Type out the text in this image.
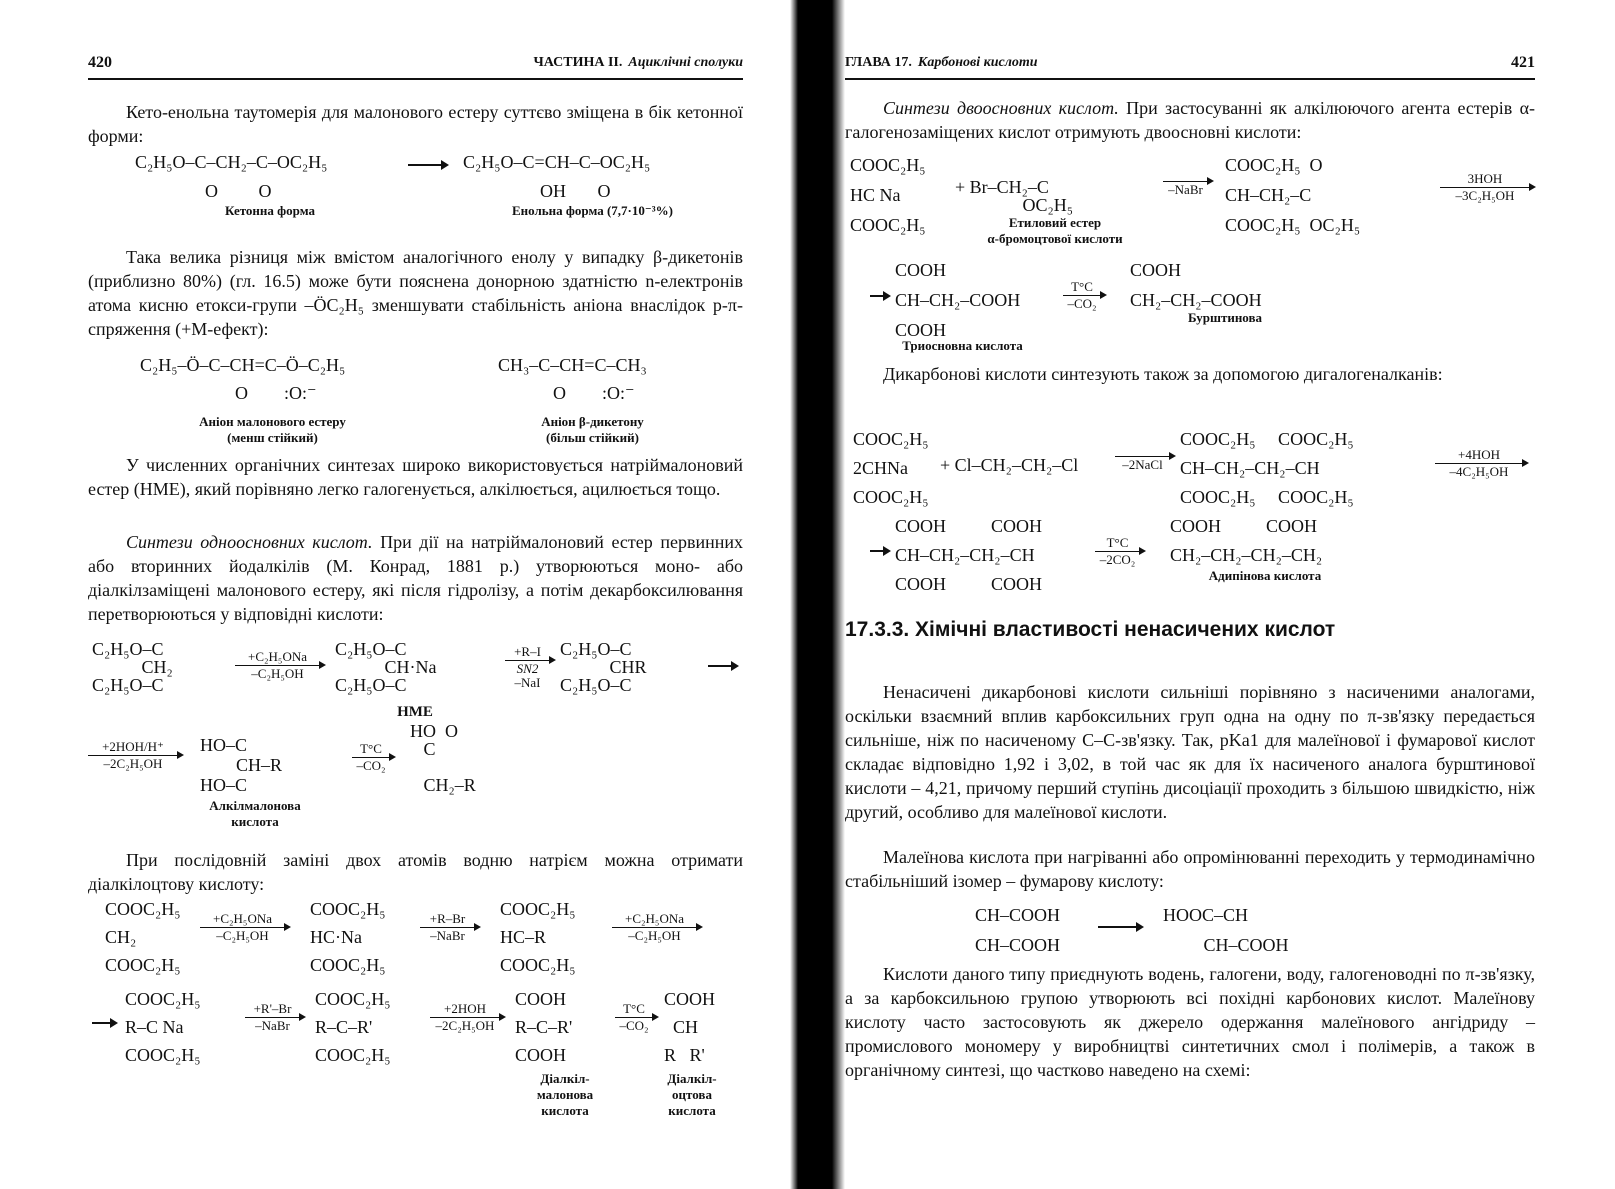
420	ЧАСТИНА II. Ациклічні сполуки
Кето-енольна таутомерія для малонового естеру суттєво зміщена в бік кетонної форми:
C₂H₅O–C–CH₂–C–OC₂H₅
O         O
Кетонна форма
→ C₂H₅O–C=CH–C–OC₂H₅
OH       O
Енольна форма (7,7·10⁻³%)
Така велика різниця між вмістом аналогічного енолу у випадку β-дикетонів (приблизно 80%) (гл. 16.5) може бути пояснена донорною здатністю n-електронів атома кисню етокси-групи –ÖC₂H₅ зменшувати стабільність аніона внаслідок p-π-спряження (+M-ефект):
C₂H₅–Ö–C–CH=C–Ö–C₂H₅
O        :O:⁻
Аніон малонового естеру
(менш стійкий)
CH₃–C–CH=C–CH₃
O        :O:⁻
Аніон β-дикетону
(більш стійкий)
У численних органічних синтезах широко використовується натріймалоновий естер (НМЕ), який порівняно легко галогенується, алкілюється, ацилюється тощо.
Синтези одноосновних кислот. При дії на натріймалоновий естер первинних або вторинних йодалкілів (М. Конрад, 1881 р.) утворюються моно- або діалкілзаміщені малонового естеру, які після гідролізу, а потім декарбоксилювання перетворюються у відповідні кислоти:
C₂H₅O–C
CH₂
C₂H₅O–C
+C₂H₅ONa
–C₂H₅OH
C₂H₅O–C
CH·Na
C₂H₅O–C
НМЕ
+R–I
SN2
–NaI
C₂H₅O–C
CHR
C₂H₅O–C
+2HOH/H⁺
–2C₂H₅OH
HO–C
CH–R
HO–C
Алкілмалонова
кислота
T°C
–CO₂
HO  O
C

CH₂–R
При послідовній заміні двох атомів водню натрієм можна отримати діалкілоцтову кислоту:
COOC₂H₅
CH₂
COOC₂H₅
+C₂H₅ONa
–C₂H₅OH
COOC₂H₅
HC·Na
COOC₂H₅
+R–Br
–NaBr
COOC₂H₅
HC–R
COOC₂H₅
+C₂H₅ONa
–C₂H₅OH
COOC₂H₅
R–C Na
COOC₂H₅
+R'–Br
–NaBr
COOC₂H₅
R–C–R'
COOC₂H₅
+2HOH
–2C₂H₅OH
COOH
R–C–R'
COOH
T°C
–CO₂
COOH
CH
R   R'
Діалкіл-
малонова
кислота
Діалкіл-
оцтова
кислота
ГЛАВА 17. Карбонові кислоти	421
Синтези двоосновних кислот. При застосуванні як алкілюючого агента естерів α-галогенозаміщених кислот отримують двоосновні кислоти:
COOC₂H₅
HC Na
COOC₂H₅
+ Br–CH₂–C
OC₂H₅
Етиловий естер
α-бромоцтової кислоти
–NaBr
COOC₂H₅  O
CH–CH₂–C
COOC₂H₅  OC₂H₅
3HOH
–3C₂H₅OH
COOH
CH–CH₂–COOH
COOH
Триосновна кислота
T°C
–CO₂
COOH
CH₂–CH₂–COOH
Бурштинова
Дикарбонові кислоти синтезують також за допомогою дигалогеналканів:
COOC₂H₅
2CHNa
COOC₂H₅
+ Cl–CH₂–CH₂–Cl	–2NaCl
COOC₂H₅     COOC₂H₅
CH–CH₂–CH₂–CH
COOC₂H₅     COOC₂H₅
+4HOH
–4C₂H₅OH
COOH          COOH
CH–CH₂–CH₂–CH
COOH          COOH
T°C
–2CO₂
COOH          COOH
CH₂–CH₂–CH₂–CH₂
Адипінова кислота
17.3.3. Хімічні властивості ненасичених кислот
Ненасичені дикарбонові кислоти сильніші порівняно з насиченими аналогами, оскільки взаємний вплив карбоксильних груп одна на одну по π-зв'язку передається сильніше, ніж по насиченому С–С-зв'язку. Так, pKa1 для малеїнової і фумарової кислот складає відповідно 1,92 і 3,02, в той час як для їх насиченого аналога бурштинової кислоти – 4,21, причому перший ступінь дисоціації проходить з більшою швидкістю, ніж другий, особливо для малеїнової кислоти.
Малеїнова кислота при нагріванні або опромінюванні переходить у термодинамічно стабільніший ізомер – фумарову кислоту:
CH–COOH
CH–COOH
HOOC–CH
CH–COOH
Кислоти даного типу приєднують водень, галогени, воду, галогеноводні по π-зв'язку, а за карбоксильною групою утворюють всі похідні карбонових кислот. Малеїнову кислоту часто застосовують як джерело одержання малеїнового ангідриду – промислового мономеру у виробництві синтетичних смол і полімерів, а також в органічному синтезі, що частково наведено на схемі:
